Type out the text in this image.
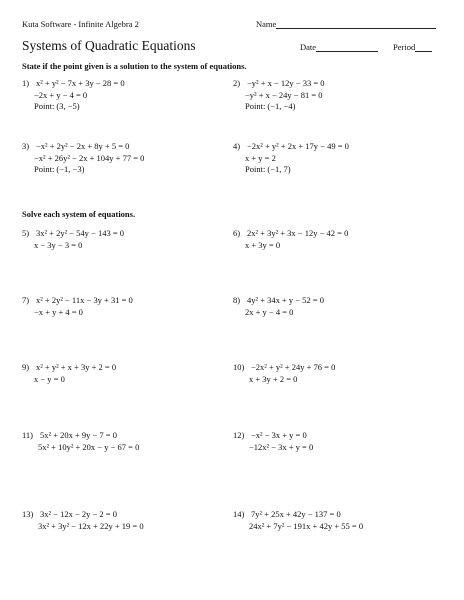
Kuta Software - Infinite Algebra 2	Name
Systems of Quadratic Equations	Date	Period
State if the point given is a solution to the system of equations.
1) x² + y² − 7x + 3y − 28 = 0
−2x + y − 4 = 0
Point: (3, −5)
2) −y² + x − 12y − 33 = 0
−y² + x − 24y − 81 = 0
Point: (−1, −4)
3) −x² + 2y² − 2x + 8y + 5 = 0
−x² + 26y² − 2x + 104y + 77 = 0
Point: (−1, −3)
4) −2x² + y² + 2x + 17y − 49 = 0
x + y = 2
Point: (−1, 7)
Solve each system of equations.
5) 3x² + 2y² − 54y − 143 = 0
x − 3y − 3 = 0
6) 2x² + 3y² + 3x − 12y − 42 = 0
x + 3y = 0
7) x² + 2y² − 11x − 3y + 31 = 0
−x + y + 4 = 0
8) 4y² + 34x + y − 52 = 0
2x + y − 4 = 0
9) x² + y² + x + 3y + 2 = 0
x − y = 0
10) −2x² + y² + 24y + 76 = 0
x + 3y + 2 = 0
11) 5x² + 20x + 9y − 7 = 0
5x² + 10y² + 20x − y − 67 = 0
12) −x² − 3x + y = 0
−12x² − 3x + y = 0
13) 3x² − 12x − 2y − 2 = 0
3x² + 3y² − 12x + 22y + 19 = 0
14) 7y² + 25x + 42y − 137 = 0
24x² + 7y² − 191x + 42y + 55 = 0
